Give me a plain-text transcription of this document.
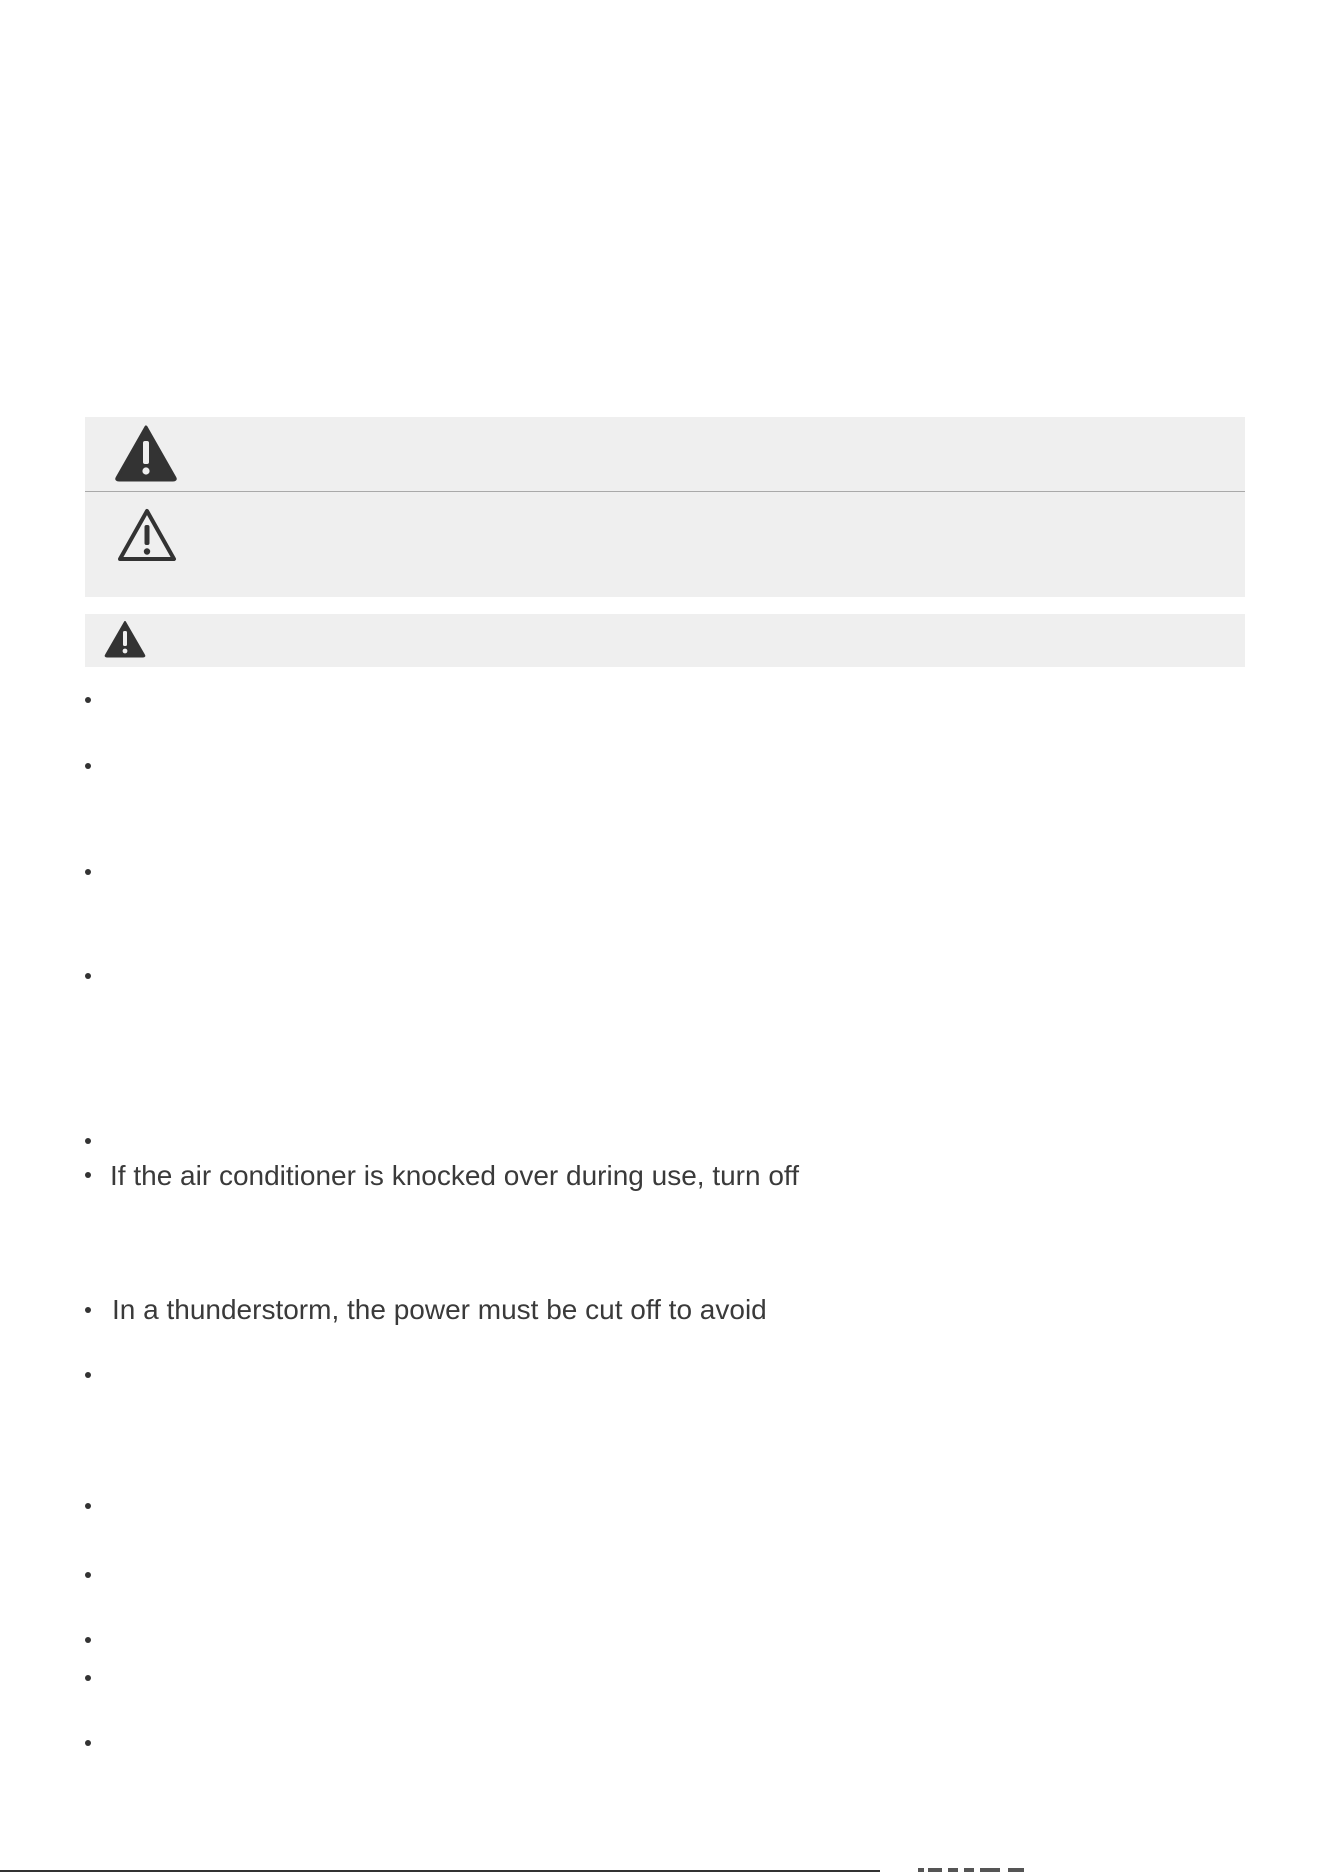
If the air conditioner is knocked over during use, turn off
In a thunderstorm, the power must be cut off to avoid
